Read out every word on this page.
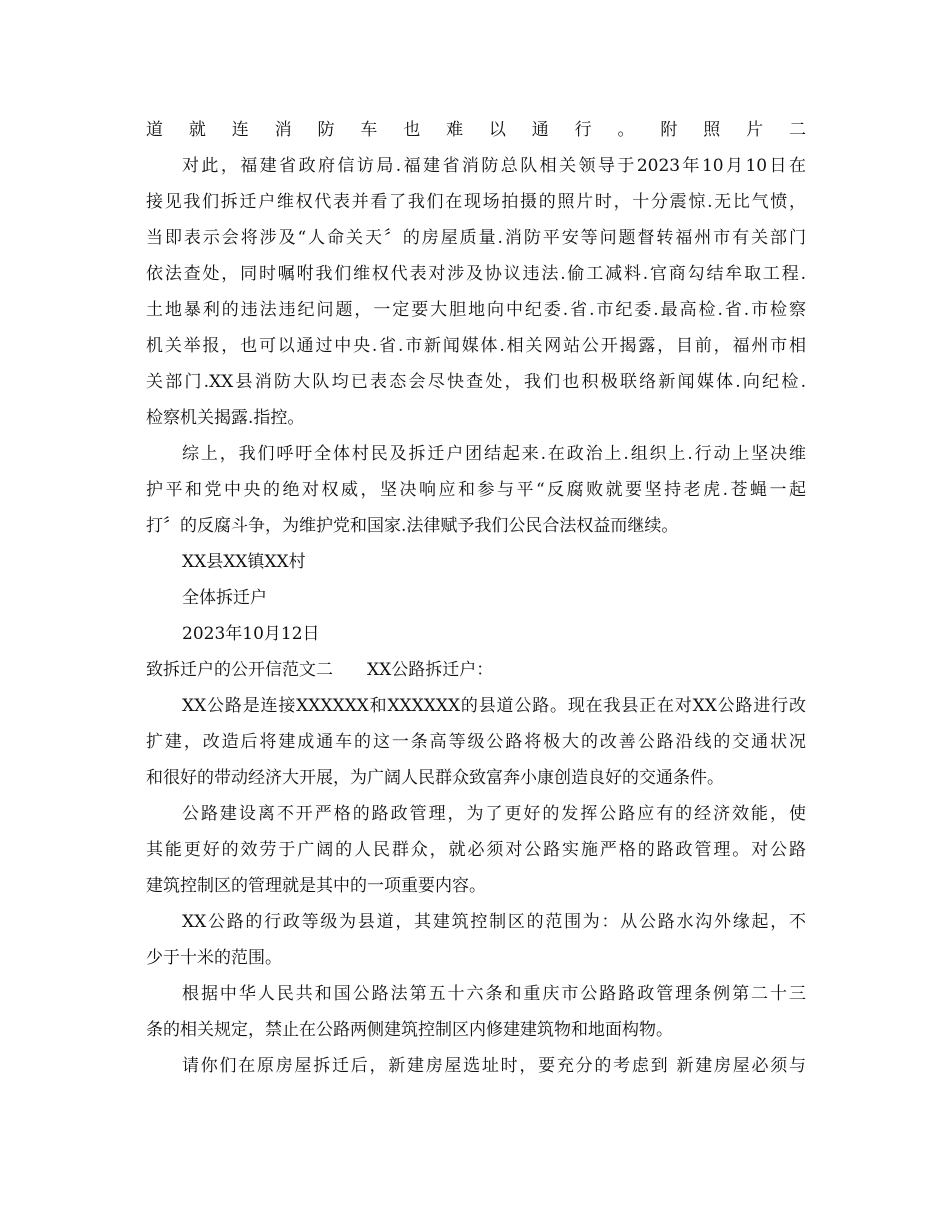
道就连消防车也难以通行。附照片二
对此，福建省政府信访局.福建省消防总队相关领导于2023年10月10日在
接见我们拆迁户维权代表并看了我们在现场拍摄的照片时，十分震惊.无比气愤，
当即表示会将涉及“人命关天〞的房屋质量.消防平安等问题督转福州市有关部门
依法查处，同时嘱咐我们维权代表对涉及协议违法.偷工减料.官商勾结牟取工程.
土地暴利的违法违纪问题，一定要大胆地向中纪委.省.市纪委.最高检.省.市检察
机关举报，也可以通过中央.省.市新闻媒体.相关网站公开揭露，目前，福州市相
关部门.XX县消防大队均已表态会尽快查处，我们也积极联络新闻媒体.向纪检.
检察机关揭露.指控。
综上，我们呼吁全体村民及拆迁户团结起来.在政治上.组织上.行动上坚决维
护平和党中央的绝对权威，坚决响应和参与平“反腐败就要坚持老虎.苍蝇一起
打〞的反腐斗争，为维护党和国家.法律赋予我们公民合法权益而继续。
XX县XX镇XX村
全体拆迁户
2023年10月12日
致拆迁户的公开信范文二　　XX公路拆迁户：
XX公路是连接XXXXXX和XXXXXX的县道公路。现在我县正在对XX公路进行改
扩建，改造后将建成通车的这一条高等级公路将极大的改善公路沿线的交通状况
和很好的带动经济大开展，为广阔人民群众致富奔小康创造良好的交通条件。
公路建设离不开严格的路政管理，为了更好的发挥公路应有的经济效能，使
其能更好的效劳于广阔的人民群众，就必须对公路实施严格的路政管理。对公路
建筑控制区的管理就是其中的一项重要内容。
XX公路的行政等级为县道，其建筑控制区的范围为：从公路水沟外缘起，不
少于十米的范围。
根据中华人民共和国公路法第五十六条和重庆市公路路政管理条例第二十三
条的相关规定，禁止在公路两侧建筑控制区内修建建筑物和地面构物。
请你们在原房屋拆迁后，新建房屋选址时，要充分的考虑到 新建房屋必须与
